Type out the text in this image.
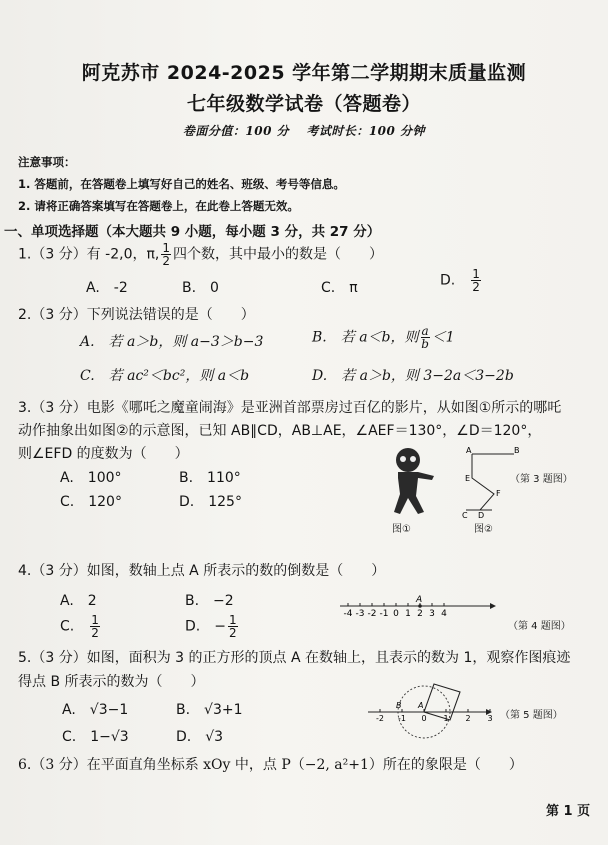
阿克苏市 2024-2025 学年第二学期期末质量监测
七年级数学试卷（答题卷）
卷面分值：100 分　 考试时长：100 分钟
注意事项：
1. 答题前，在答题卷上填写好自己的姓名、班级、考号等信息。
2. 请将正确答案填写在答题卷上，在此卷上答题无效。
一、单项选择题（本大题共 9 小题，每小题 3 分，共 27 分）
1.（3 分）有 -2,0，π, $\frac{1}{2}$ 四个数，其中最小的数是（　　）
A.　-2	B.　0	C.　π	D.　 $\frac{1}{2}$
2.（3 分）下列说法错误的是（　　）
A.　若 a＞b，则 a−3＞b−3	B.　若 a＜b，则 $\frac{a}{b} <1$
C.　若 ac²＜bc²，则 a＜b	D.　若 a＞b，则 3−2a＜3−2b
3.（3 分）电影《哪吒之魔童闹海》是亚洲首部票房过百亿的影片，从如图①所示的哪吒
动作抽象出如图②的示意图，已知 AB∥CD，AB⊥AE，∠AEF＝130°，∠D＝120°，
则∠EFD 的度数为（　　）
A.　100°	B.　110°
C.　120°	D.　125°
图①
A	B
E
F
C D
图②
（第 3 题图）
4.（3 分）如图，数轴上点 A 所表示的数的倒数是（　　）
A.　2	B.　−2
C.　 $\frac{1}{2}$	D.　− $\frac{1}{2}$	-4 -3 -2 -1 0 1 2 3 4
A
（第 4 题图）
5.（3 分）如图，面积为 3 的正方形的顶点 A 在数轴上，且表示的数为 1，观察作图痕迹
得点 B 所表示的数为（　　）
A.　√3−1	B.　√3+1
C.　1−√3	D.　√3
-2 -1 0 1 2 3
B A
（第 5 题图）
6.（3 分）在平面直角坐标系 xOy 中，点 P（−2, a²+1）所在的象限是（　　）
第 1 页
